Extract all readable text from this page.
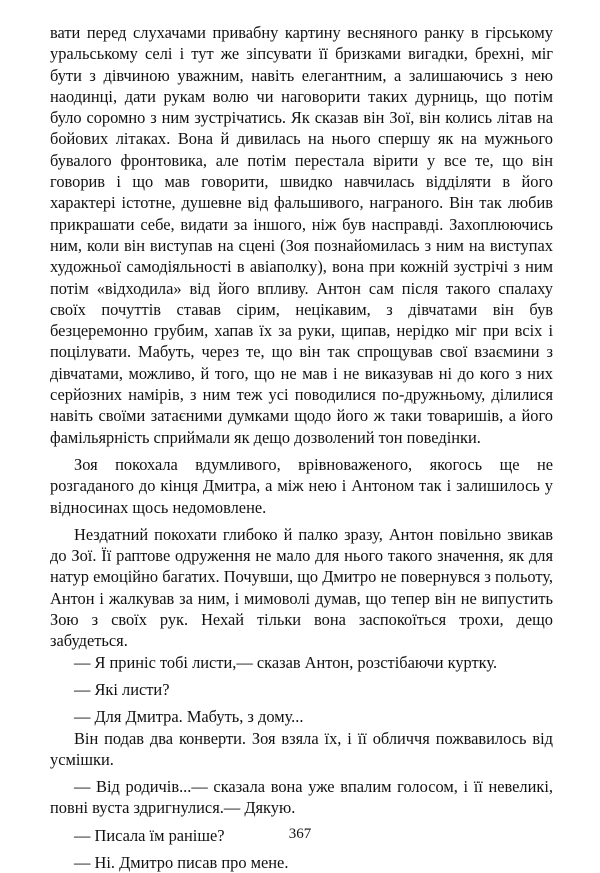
вати перед слухачами привабну картину весняного ранку в гірському уральському селі і тут же зіпсувати її бризками вигадки, брехні, міг бути з дівчиною уважним, навіть елегантним, а залишаючись з нею наодинці, дати рукам волю чи наговорити таких дурниць, що потім було соромно з ним зустрічатись. Як сказав він Зої, він колись літав на бойових літаках. Вона й дивилась на нього спершу як на мужнього бувалого фронтовика, але потім перестала вірити у все те, що він говорив і що мав говорити, швидко навчилась відділяти в його характері істотне, душевне від фальшивого, награного. Він так любив прикрашати себе, видати за іншого, ніж був насправді. Захоплюючись ним, коли він виступав на сцені (Зоя познайомилась з ним на виступах художньої самодіяльності в авіаполку), вона при кожній зустрічі з ним потім «відходила» від його впливу. Антон сам після такого спалаху своїх почуттів ставав сірим, нецікавим, з дівчатами він був безцеремонно грубим, хапав їх за руки, щипав, нерідко міг при всіх і поцілувати. Мабуть, через те, що він так спрощував свої взаємини з дівчатами, можливо, й того, що не мав і не виказував ні до кого з них серйозних намірів, з ним теж усі поводилися по-дружньому, ділилися навіть своїми затаєними думками щодо його ж таки товаришів, а його фамільярність сприймали як дещо дозволений тон поведінки.

Зоя покохала вдумливого, врівноваженого, якогось ще не розгаданого до кінця Дмитра, а між нею і Антоном так і залишилось у відносинах щось недомовлене.

Нездатний покохати глибоко й палко зразу, Антон повільно звикав до Зої. Її раптове одруження не мало для нього такого значення, як для натур емоційно багатих. Почувши, що Дмитро не повернувся з польоту, Антон і жалкував за ним, і мимоволі думав, що тепер він не випустить Зою з своїх рук. Нехай тільки вона заспокоїться трохи, дещо забудеться.

— Я приніс тобі листи,— сказав Антон, розстібаючи куртку.

— Які листи?

— Для Дмитра. Мабуть, з дому...

Він подав два конверти. Зоя взяла їх, і її обличчя пожвавилось від усмішки.

— Від родичів...— сказала вона уже впалим голосом, і її невеликі, повні вуста здригнулися.— Дякую.

— Писала їм раніше?

— Ні. Дмитро писав про мене.

367
